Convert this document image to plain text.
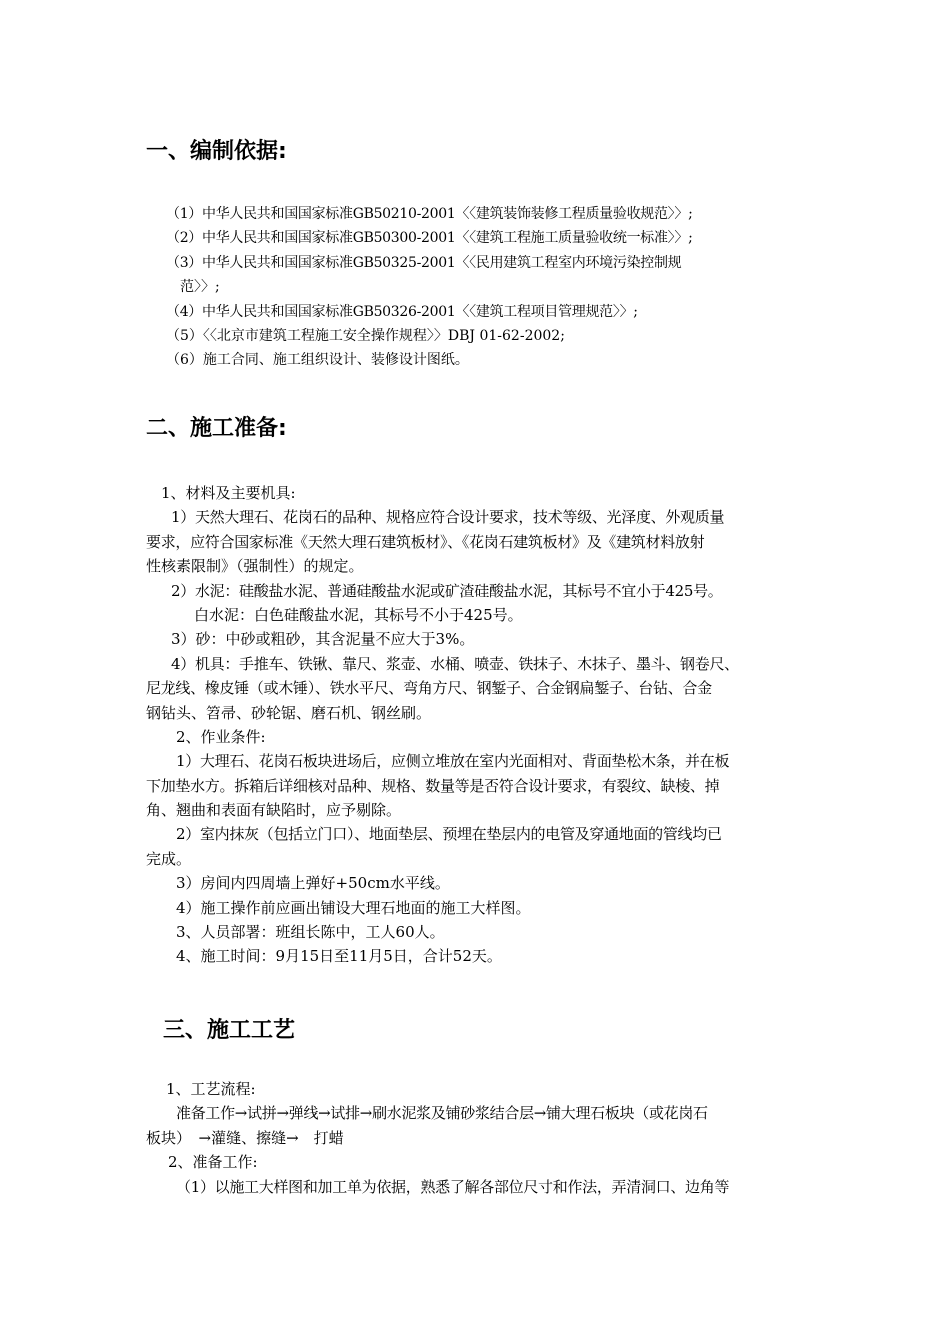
一、编制依据:
（1）中华人民共和国国家标准GB50210-2001〈〈建筑装饰装修工程质量验收规范〉〉;
（2）中华人民共和国国家标准GB50300-2001〈〈建筑工程施工质量验收统一标准〉〉;
（3）中华人民共和国国家标准GB50325-2001〈〈民用建筑工程室内环境污染控制规
范〉〉;
（4）中华人民共和国国家标准GB50326-2001〈〈建筑工程项目管理规范〉〉;
（5）〈〈北京市建筑工程施工安全操作规程〉〉DBJ 01-62-2002;
（6）施工合同、施工组织设计、装修设计图纸。
二、施工准备:
1、材料及主要机具:
1）天然大理石、花岗石的品种、规格应符合设计要求，技术等级、光泽度、外观质量
要求，应符合国家标准《天然大理石建筑板材》、《花岗石建筑板材》及《建筑材料放射
性核素限制》（强制性）的规定。
2）水泥：硅酸盐水泥、普通硅酸盐水泥或矿渣硅酸盐水泥，其标号不宜小于425号。
白水泥：白色硅酸盐水泥，其标号不小于425号。
3）砂：中砂或粗砂，其含泥量不应大于3%。
4）机具：手推车、铁锹、靠尺、浆壶、水桶、喷壶、铁抹子、木抹子、墨斗、钢卷尺、
尼龙线、橡皮锤（或木锤）、铁水平尺、弯角方尺、钢錾子、合金钢扁錾子、台钻、合金
钢钻头、笤帚、砂轮锯、磨石机、钢丝刷。
2、作业条件:
1）大理石、花岗石板块进场后，应侧立堆放在室内光面相对、背面垫松木条，并在板
下加垫水方。拆箱后详细核对品种、规格、数量等是否符合设计要求，有裂纹、缺棱、掉
角、翘曲和表面有缺陷时，应予剔除。
2）室内抹灰（包括立门口）、地面垫层、预埋在垫层内的电管及穿通地面的管线均已
完成。
3）房间内四周墙上弹好+50cm水平线。
4）施工操作前应画出铺设大理石地面的施工大样图。
3、人员部署：班组长陈中，工人60人。
4、施工时间：9月15日至11月5日，合计52天。
三、施工工艺
1、工艺流程:
准备工作→试拼→弹线→试排→刷水泥浆及铺砂浆结合层→铺大理石板块（或花岗石
板块）　→灌缝、擦缝→　打蜡
2、准备工作:
（1）以施工大样图和加工单为依据，熟悉了解各部位尺寸和作法，弄清洞口、边角等
